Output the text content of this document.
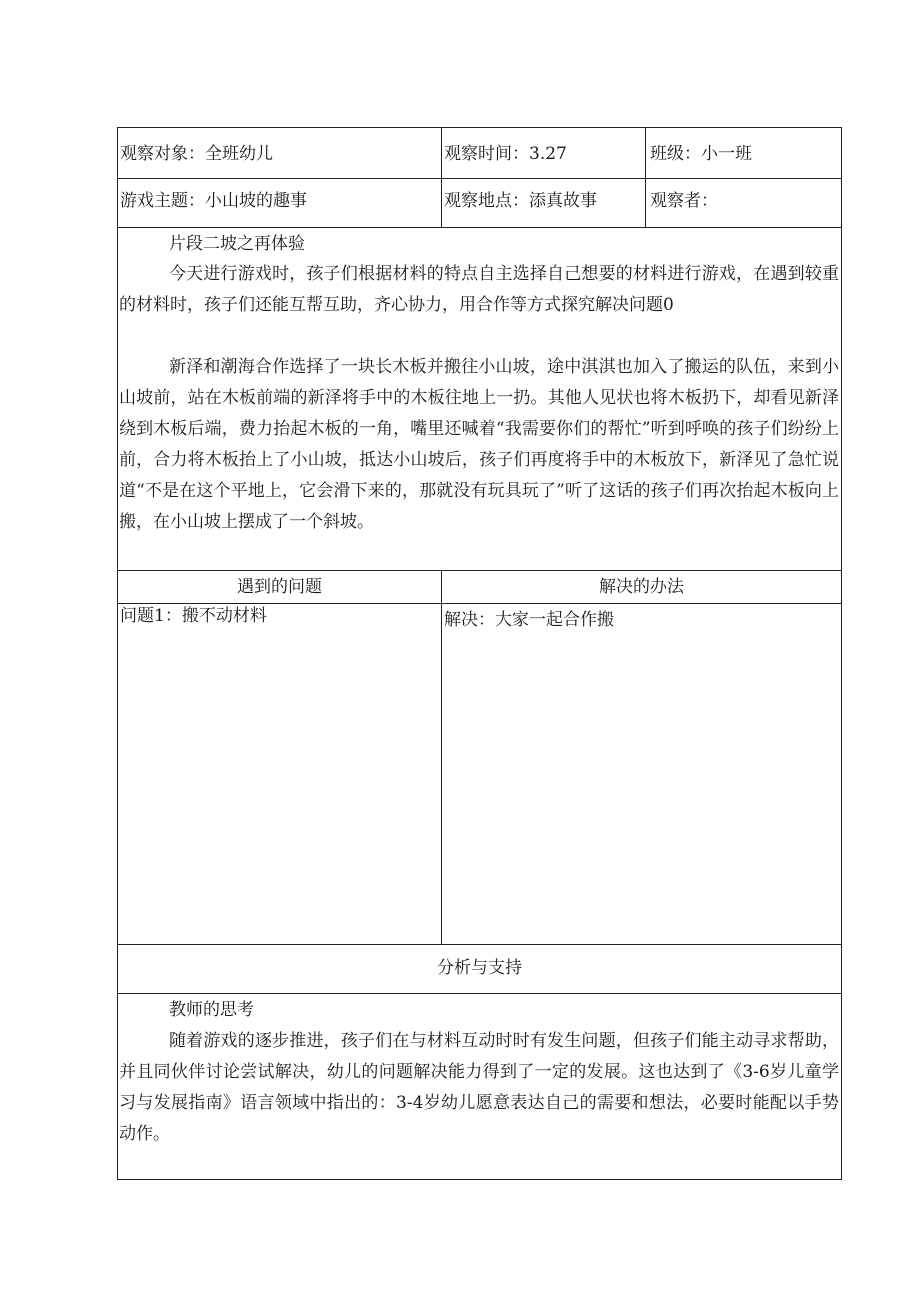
观察对象：全班幼儿	观察时间：3.27	班级：小一班
游戏主题：小山坡的趣事	观察地点：添真故事	观察者：
片段二坡之再体验
今天进行游戏时，孩子们根据材料的特点自主选择自己想要的材料进行游戏，在遇到较重的材料时，孩子们还能互帮互助，齐心协力，用合作等方式探究解决问题0
新泽和潮海合作选择了一块长木板并搬往小山坡，途中淇淇也加入了搬运的队伍，来到小山坡前，站在木板前端的新泽将手中的木板往地上一扔。其他人见状也将木板扔下，却看见新泽绕到木板后端，费力抬起木板的一角，嘴里还喊着“我需要你们的帮忙”听到呼唤的孩子们纷纷上前，合力将木板抬上了小山坡，抵达小山坡后，孩子们再度将手中的木板放下，新泽见了急忙说道“不是在这个平地上，它会滑下来的，那就没有玩具玩了”听了这话的孩子们再次抬起木板向上搬，在小山坡上摆成了一个斜坡。
遇到的问题	解决的办法
问题1：搬不动材料	解决：大家一起合作搬
分析与支持
教师的思考
随着游戏的逐步推进，孩子们在与材料互动时时有发生问题，但孩子们能主动寻求帮助，并且同伙伴讨论尝试解决，幼儿的问题解决能力得到了一定的发展。这也达到了《3-6岁儿童学习与发展指南》语言领域中指出的：3-4岁幼儿愿意表达自己的需要和想法，必要时能配以手势动作。
